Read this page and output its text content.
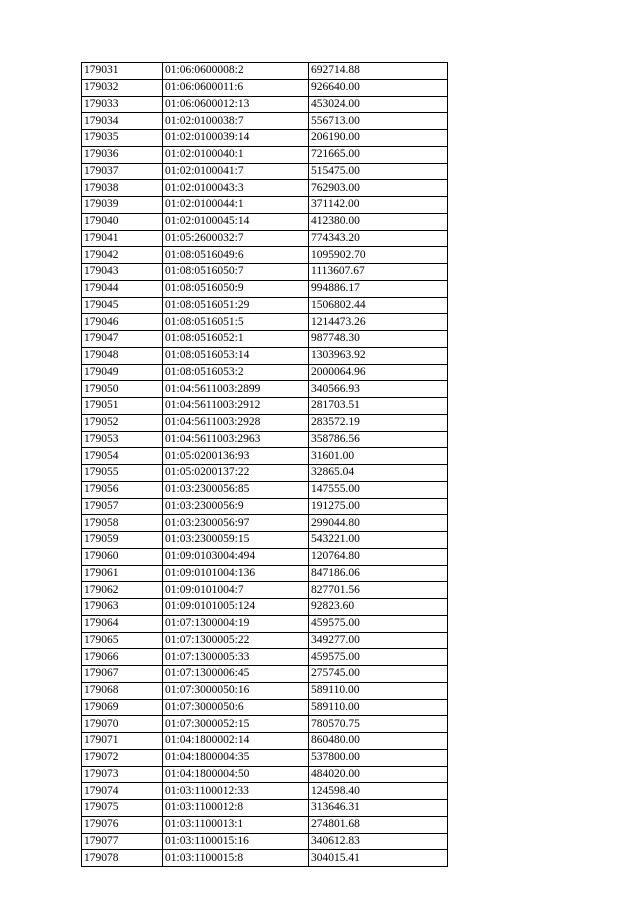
179031	01:06:0600008:2	692714.88
179032	01:06:0600011:6	926640.00
179033	01:06:0600012:13	453024.00
179034	01:02:0100038:7	556713.00
179035	01:02:0100039:14	206190.00
179036	01:02:0100040:1	721665.00
179037	01:02:0100041:7	515475.00
179038	01:02:0100043:3	762903.00
179039	01:02:0100044:1	371142.00
179040	01:02:0100045:14	412380.00
179041	01:05:2600032:7	774343.20
179042	01:08:0516049:6	1095902.70
179043	01:08:0516050:7	1113607.67
179044	01:08:0516050:9	994886.17
179045	01:08:0516051:29	1506802.44
179046	01:08:0516051:5	1214473.26
179047	01:08:0516052:1	987748.30
179048	01:08:0516053:14	1303963.92
179049	01:08:0516053:2	2000064.96
179050	01:04:5611003:2899	340566.93
179051	01:04:5611003:2912	281703.51
179052	01:04:5611003:2928	283572.19
179053	01:04:5611003:2963	358786.56
179054	01:05:0200136:93	31601.00
179055	01:05:0200137:22	32865.04
179056	01:03:2300056:85	147555.00
179057	01:03:2300056:9	191275.00
179058	01:03:2300056:97	299044.80
179059	01:03:2300059:15	543221.00
179060	01:09:0103004:494	120764.80
179061	01:09:0101004:136	847186.06
179062	01:09:0101004:7	827701.56
179063	01:09:0101005:124	92823.60
179064	01:07:1300004:19	459575.00
179065	01:07:1300005:22	349277.00
179066	01:07:1300005:33	459575.00
179067	01:07:1300006:45	275745.00
179068	01:07:3000050:16	589110.00
179069	01:07:3000050:6	589110.00
179070	01:07:3000052:15	780570.75
179071	01:04:1800002:14	860480.00
179072	01:04:1800004:35	537800.00
179073	01:04:1800004:50	484020.00
179074	01:03:1100012:33	124598.40
179075	01:03:1100012:8	313646.31
179076	01:03:1100013:1	274801.68
179077	01:03:1100015:16	340612.83
179078	01:03:1100015:8	304015.41
